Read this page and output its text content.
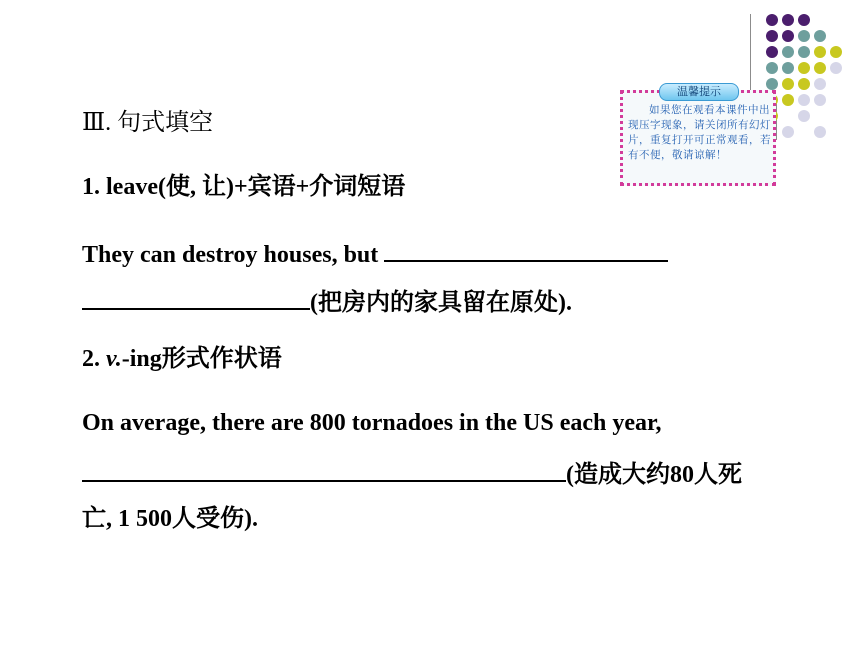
温馨提示
如果您在观看本课件中出现压字现象，请关闭所有幻灯片，重复打开可正常观看，若有不便，敬请谅解！
Ⅲ. 句式填空
1. leave(使, 让)+宾语+介词短语
They can destroy houses, but
(把房内的家具留在原处).
2. v.-ing形式作状语
On average, there are 800 tornadoes in the US each year,
(造成大约80人死
亡, 1 500人受伤).
